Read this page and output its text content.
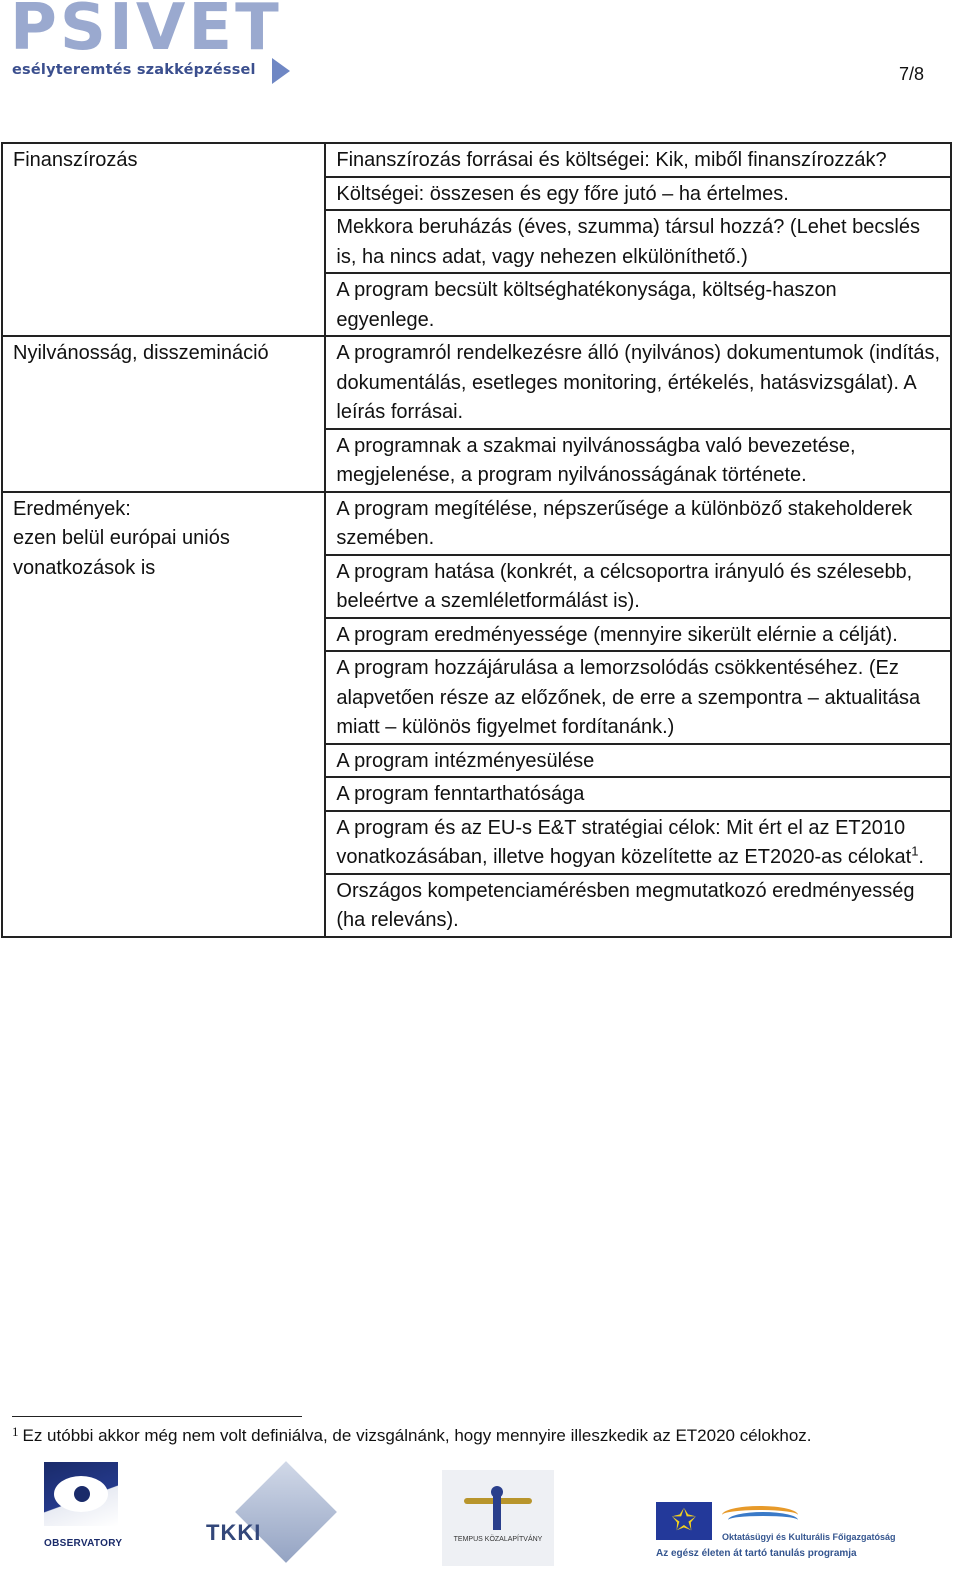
PSIVET
esélyteremtés szakképzéssel	7/8
Finanszírozás	Finanszírozás forrásai és költségei: Kik, miből finanszírozzák?
	Költségei: összesen és egy főre jutó – ha értelmes.
	Mekkora beruházás (éves, szumma) társul hozzá? (Lehet becslés is, ha nincs adat, vagy nehezen elkülöníthető.)
	A program becsült költséghatékonysága, költség-haszon egyenlege.
Nyilvánosság, disszemináció	A programról rendelkezésre álló (nyilvános) dokumentumok (indítás, dokumentálás, esetleges monitoring, értékelés, hatásvizsgálat). A leírás forrásai.
	A programnak a szakmai nyilvánosságba való bevezetése, megjelenése, a program nyilvánosságának története.
Eredmények:
ezen belül európai uniós vonatkozások is	A program megítélése, népszerűsége a különböző stakeholderek szemében.
	A program hatása (konkrét, a célcsoportra irányuló és szélesebb, beleértve a szemléletformálást is).
	A program eredményessége (mennyire sikerült elérnie a célját).
	A program hozzájárulása a lemorzsolódás csökkentéséhez. (Ez alapvetően része az előzőnek, de erre a szempontra – aktualitása miatt – különös figyelmet fordítanánk.)
	A program intézményesülése
	A program fenntarthatósága
	A program és az EU-s E&T stratégiai célok: Mit ért el az ET2010 vonatkozásában, illetve hogyan közelítette az ET2020-as célokat$^1$.
	Országos kompetenciamérésben megmutatkozó eredményesség (ha releváns).
$^1$ Ez utóbbi akkor még nem volt definiálva, de vizsgálnánk, hogy mennyire illeszkedik az ET2020 célokhoz.
OBSERVATORY	TKKI	TEMPUS KÖZALAPÍTVÁNY
✩	Oktatásügyi és Kulturális Főigazgatóság
Az egész életen át tartó tanulás programja
